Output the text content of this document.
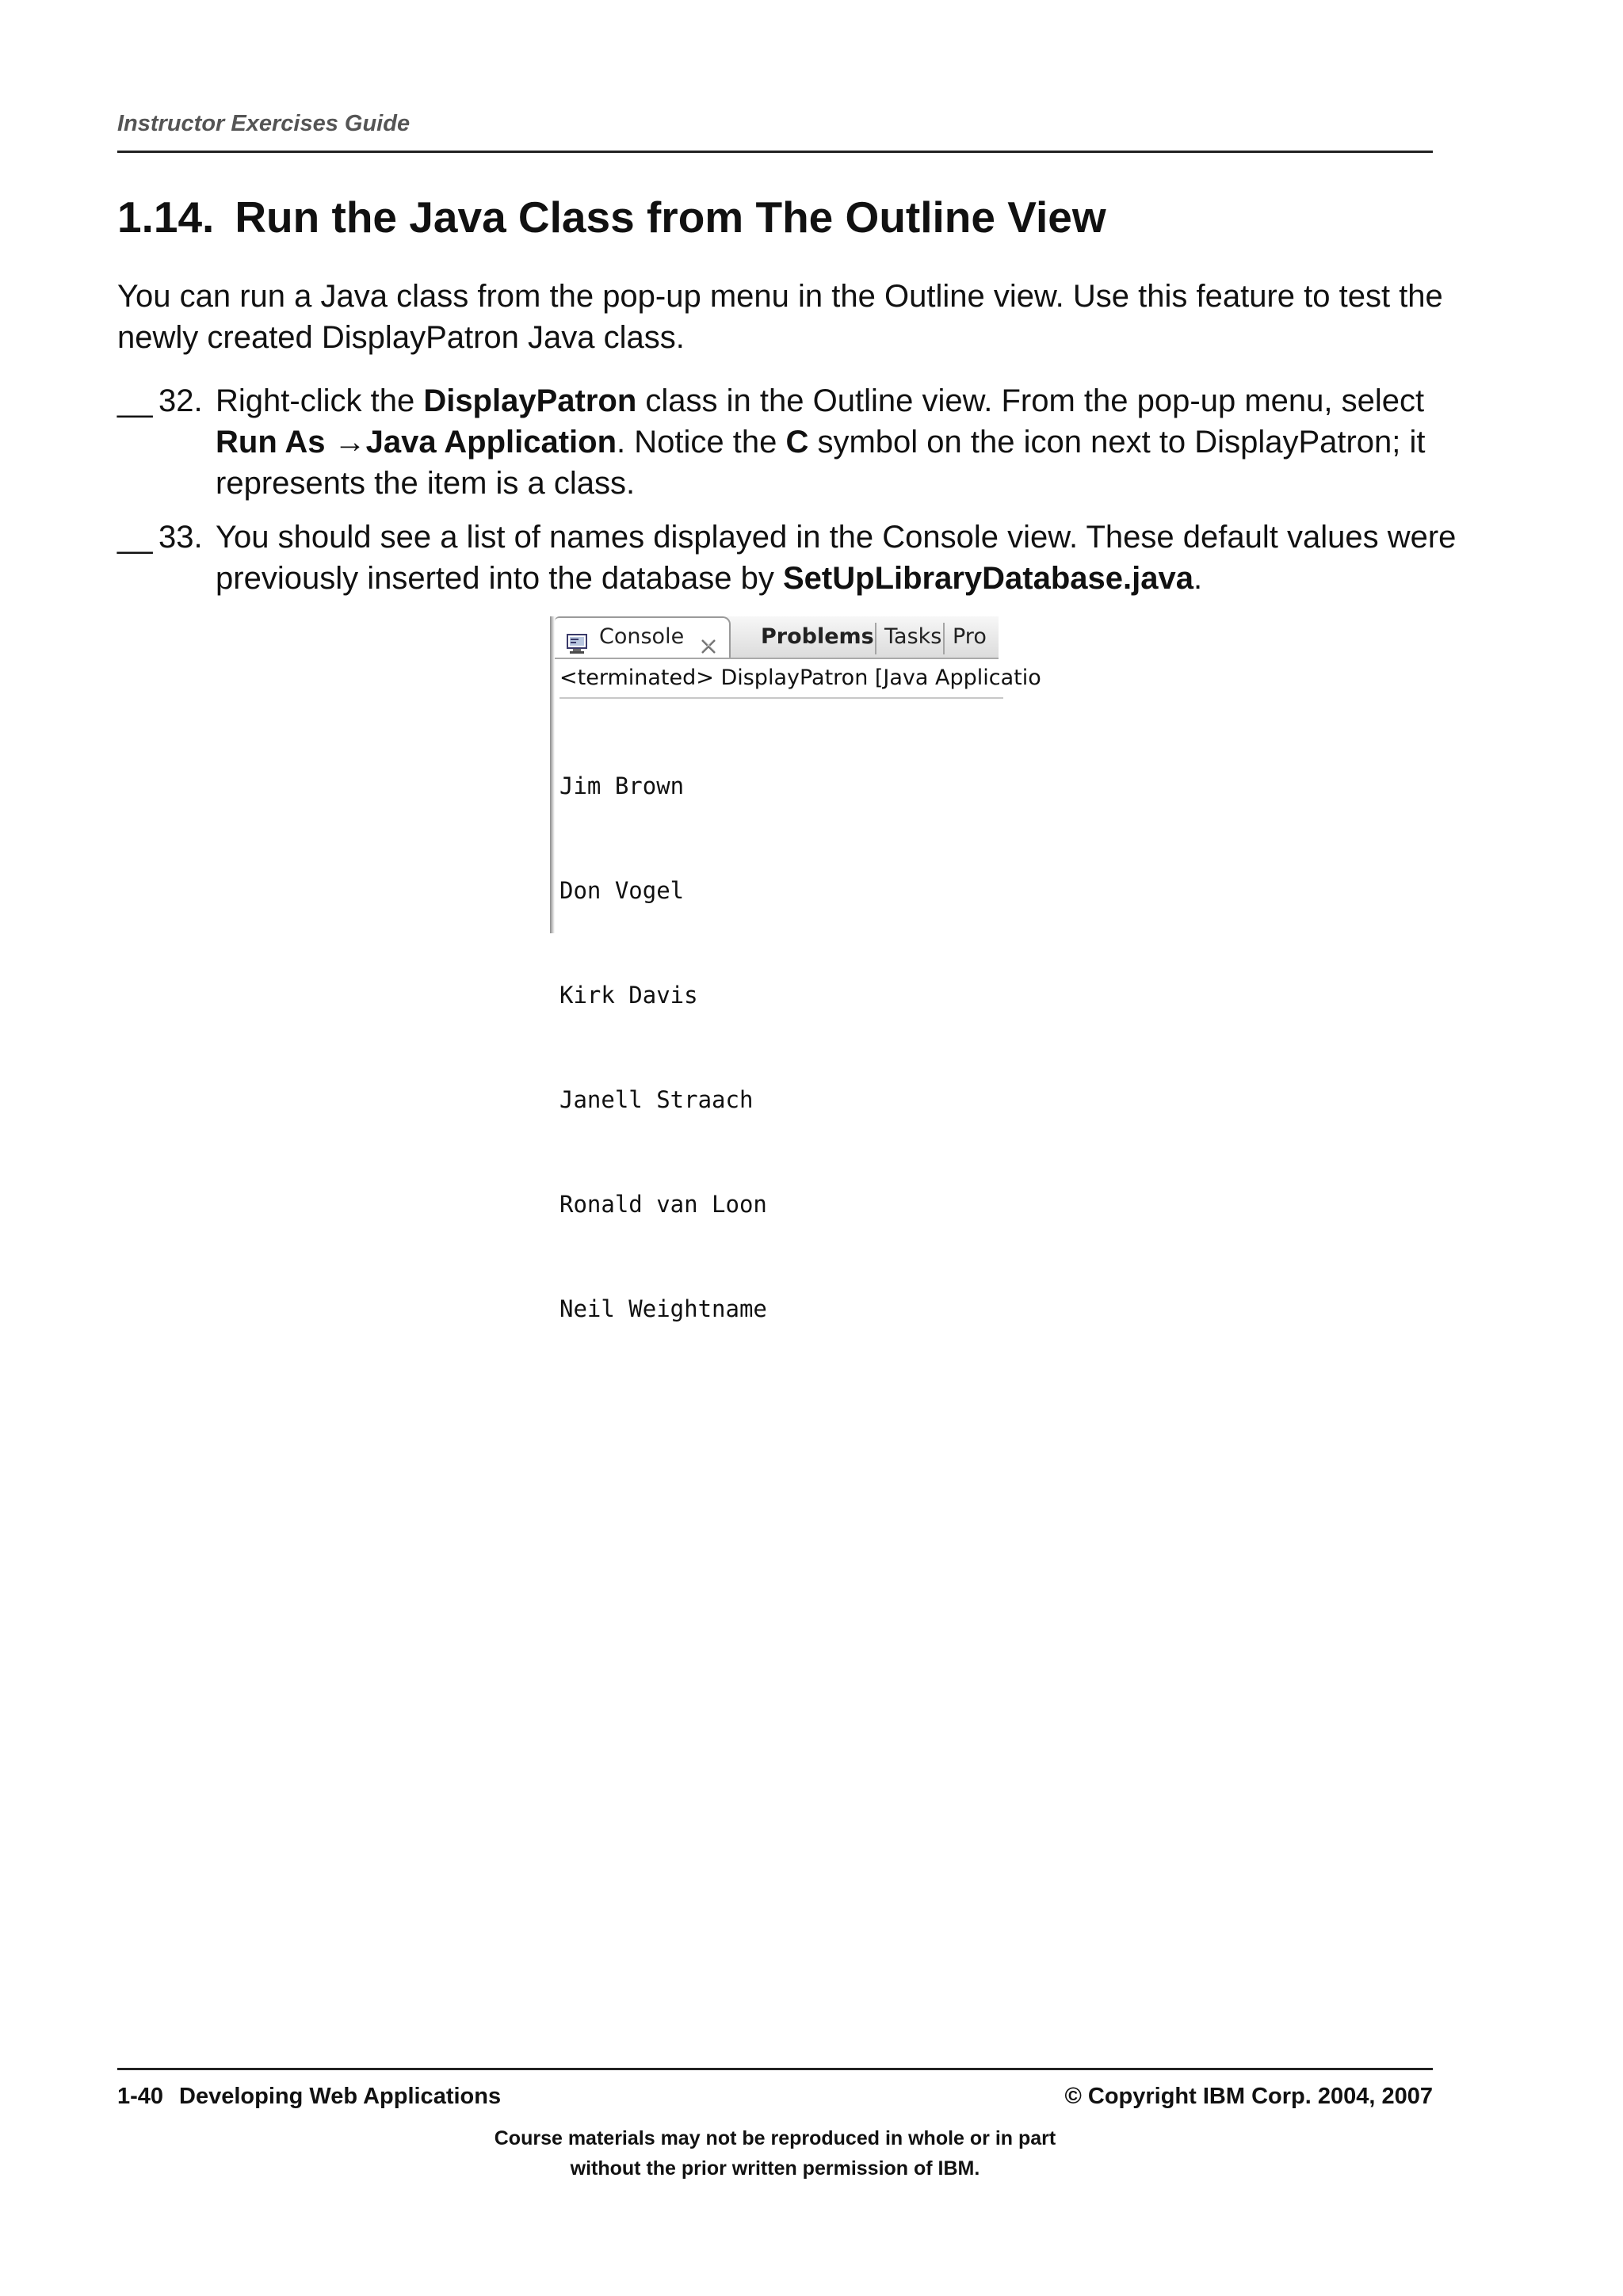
Instructor Exercises Guide
1.14. Run the Java Class from The Outline View

You can run a Java class from the pop-up menu in the Outline view. Use this feature to test the newly created DisplayPatron Java class.

__ 32. Right-click the DisplayPatron class in the Outline view. From the pop-up menu, select Run As →Java Application. Notice the C symbol on the icon next to DisplayPatron; it represents the item is a class.
__ 33. You should see a list of names displayed in the Console view. These default values were previously inserted into the database by SetUpLibraryDatabase.java.
Console	Problems Tasks Pro
<terminated> DisplayPatron [Java Applicatio

Jim Brown

Don Vogel

Kirk Davis

Janell Straach

Ronald van Loon

Neil Weightname

1-40 Developing Web Applications	© Copyright IBM Corp. 2004, 2007
Course materials may not be reproduced in whole or in part
without the prior written permission of IBM.
